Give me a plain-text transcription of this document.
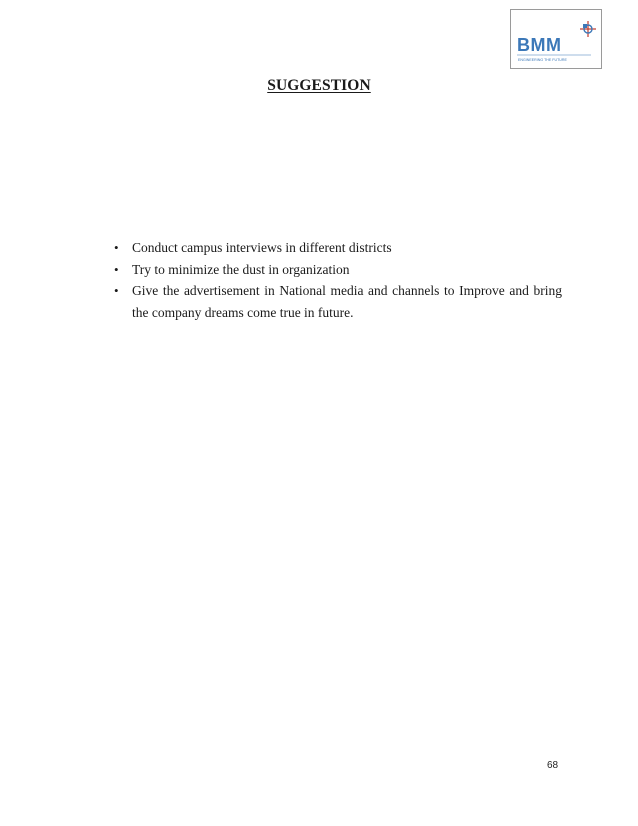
BMM
ENGINEERING THE FUTURE
SUGGESTION
• Conduct campus interviews in different districts
• Try to minimize the dust in organization
• Give the advertisement in National media and channels to Improve and bring the company dreams come true in future.
68
